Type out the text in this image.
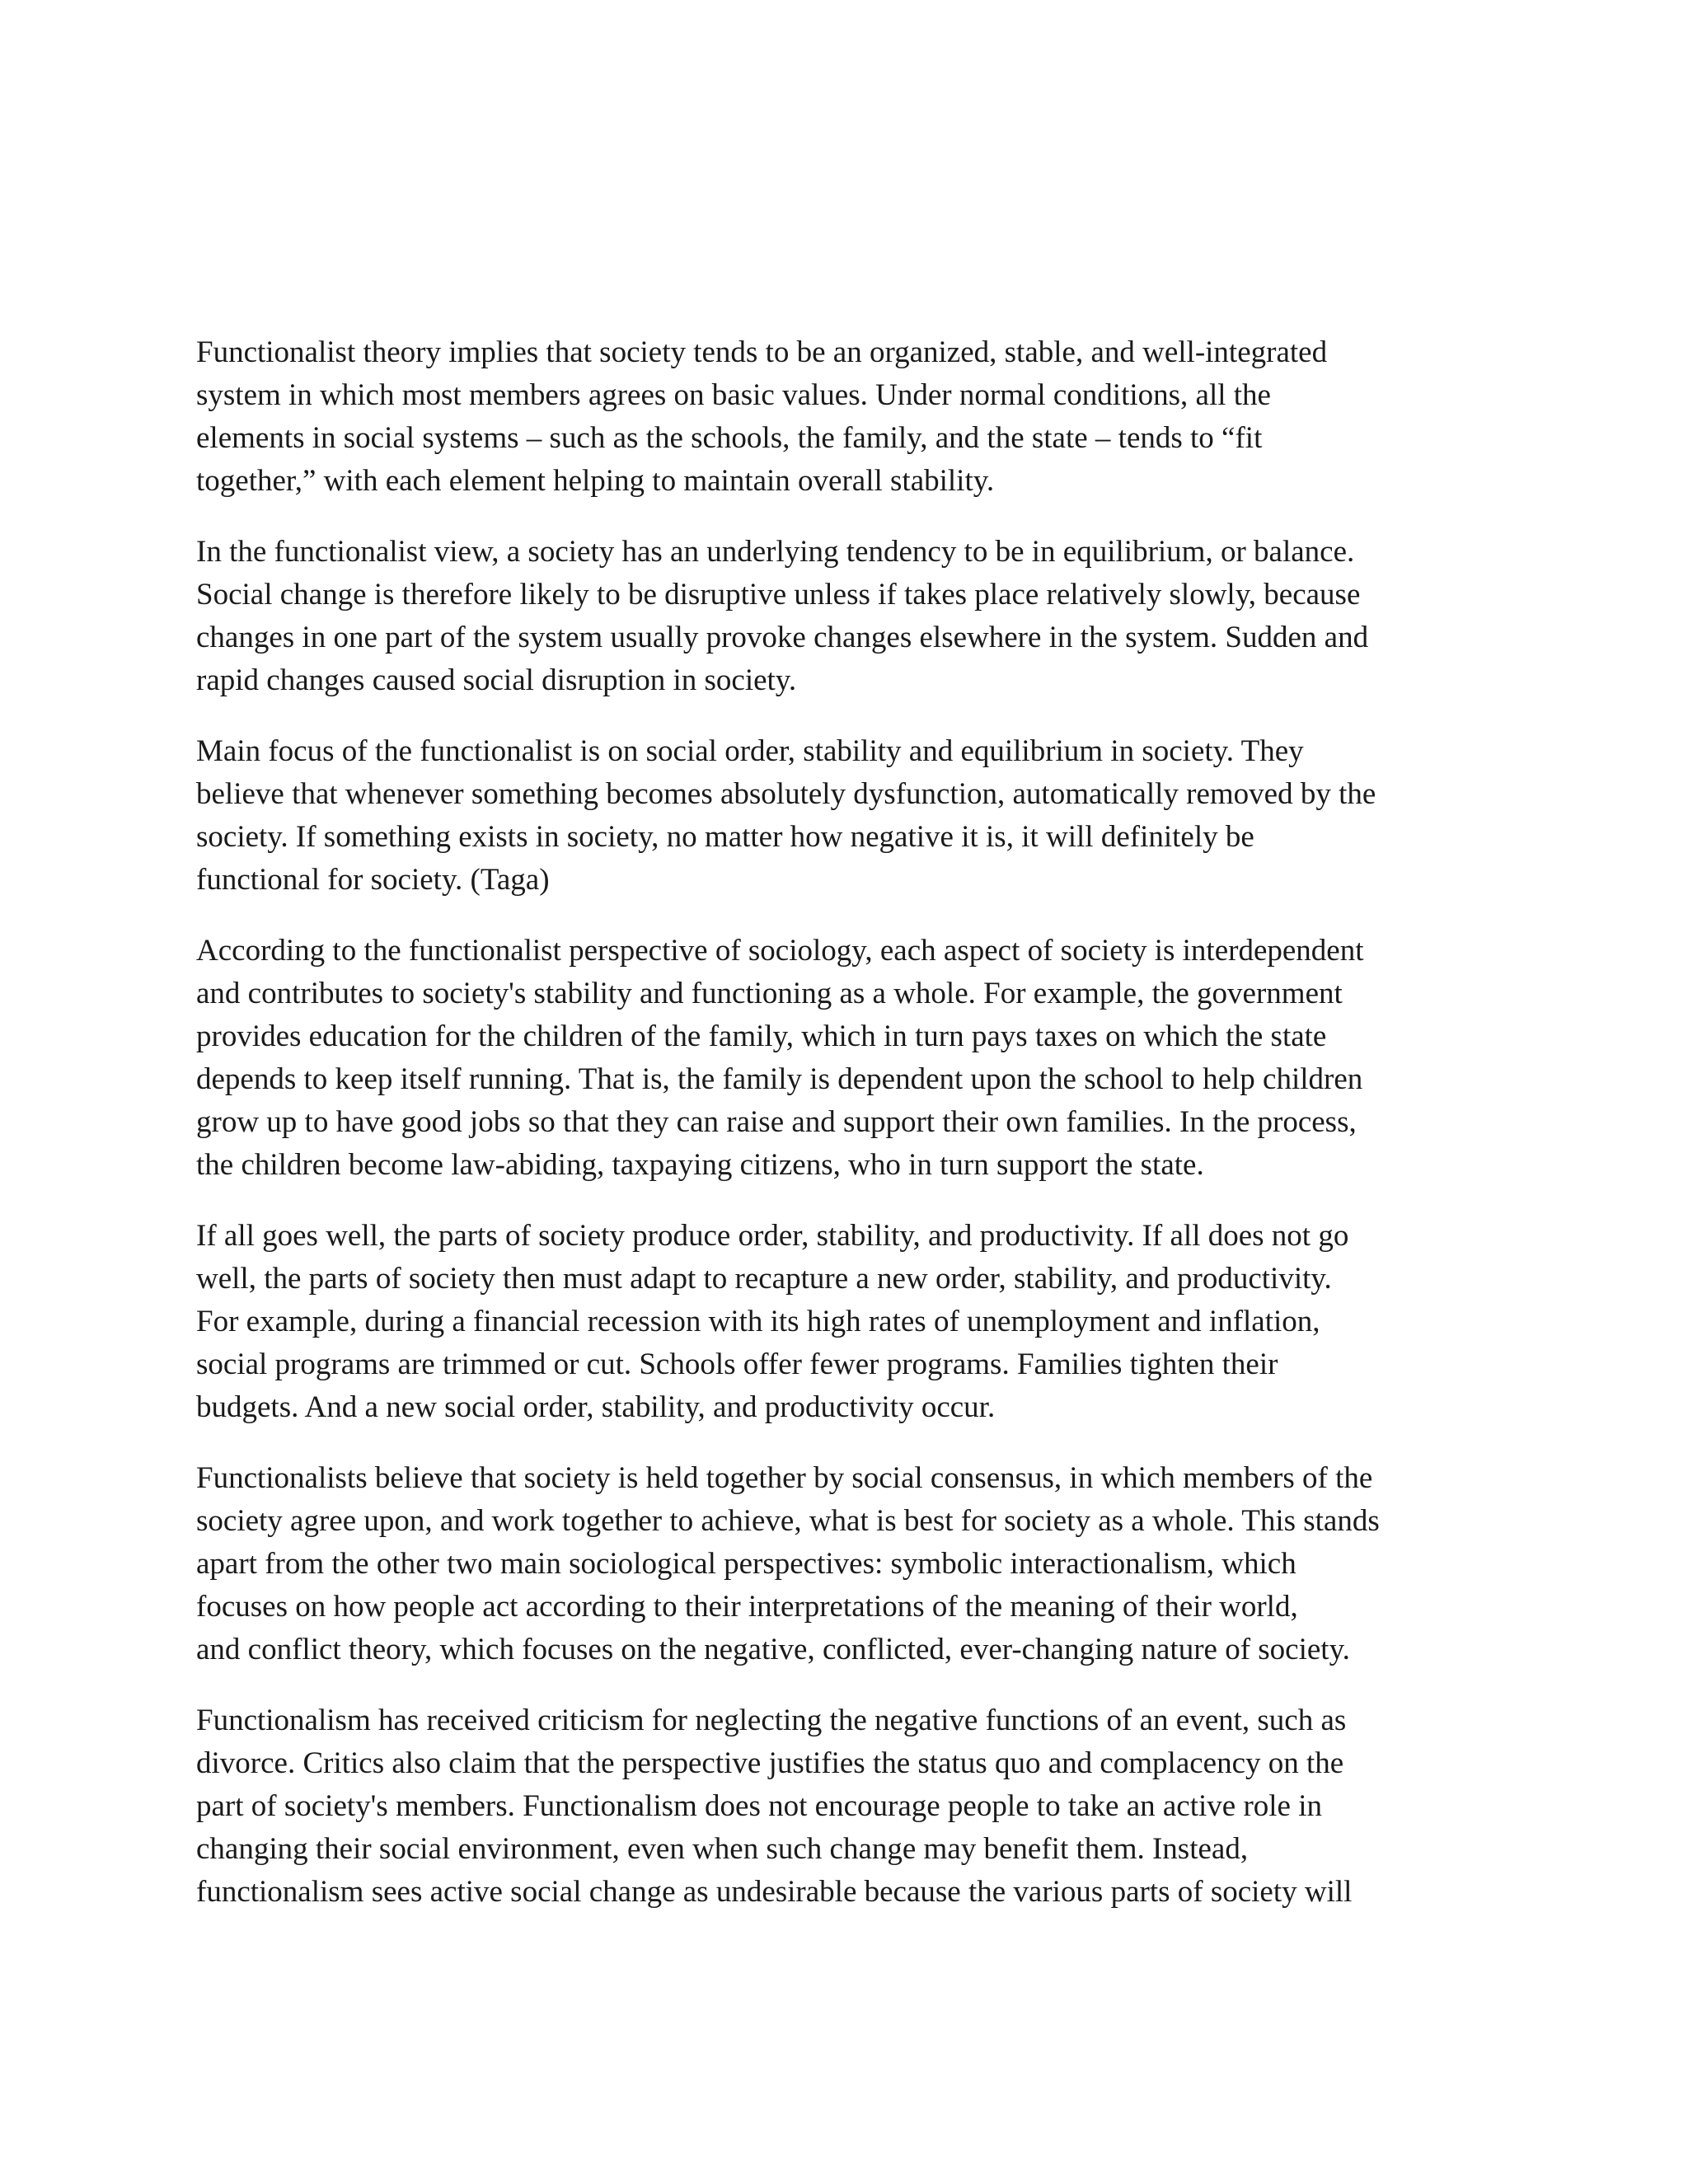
Functionalist theory implies that society tends to be an organized, stable, and well-integrated
system in which most members agrees on basic values. Under normal conditions, all the
elements in social systems – such as the schools, the family, and the state – tends to “fit
together,” with each element helping to maintain overall stability.

In the functionalist view, a society has an underlying tendency to be in equilibrium, or balance.
Social change is therefore likely to be disruptive unless if takes place relatively slowly, because
changes in one part of the system usually provoke changes elsewhere in the system. Sudden and
rapid changes caused social disruption in society.

Main focus of the functionalist is on social order, stability and equilibrium in society. They
believe that whenever something becomes absolutely dysfunction, automatically removed by the
society. If something exists in society, no matter how negative it is, it will definitely be
functional for society. (Taga)

According to the functionalist perspective of sociology, each aspect of society is interdependent
and contributes to society's stability and functioning as a whole. For example, the government
provides education for the children of the family, which in turn pays taxes on which the state
depends to keep itself running. That is, the family is dependent upon the school to help children
grow up to have good jobs so that they can raise and support their own families. In the process,
the children become law-abiding, taxpaying citizens, who in turn support the state.

If all goes well, the parts of society produce order, stability, and productivity. If all does not go
well, the parts of society then must adapt to recapture a new order, stability, and productivity.
For example, during a financial recession with its high rates of unemployment and inflation,
social programs are trimmed or cut. Schools offer fewer programs. Families tighten their
budgets. And a new social order, stability, and productivity occur.

Functionalists believe that society is held together by social consensus, in which members of the
society agree upon, and work together to achieve, what is best for society as a whole. This stands
apart from the other two main sociological perspectives: symbolic interactionalism, which
focuses on how people act according to their interpretations of the meaning of their world,
and conflict theory, which focuses on the negative, conflicted, ever-changing nature of society.

Functionalism has received criticism for neglecting the negative functions of an event, such as
divorce. Critics also claim that the perspective justifies the status quo and complacency on the
part of society's members. Functionalism does not encourage people to take an active role in
changing their social environment, even when such change may benefit them. Instead,
functionalism sees active social change as undesirable because the various parts of society will
